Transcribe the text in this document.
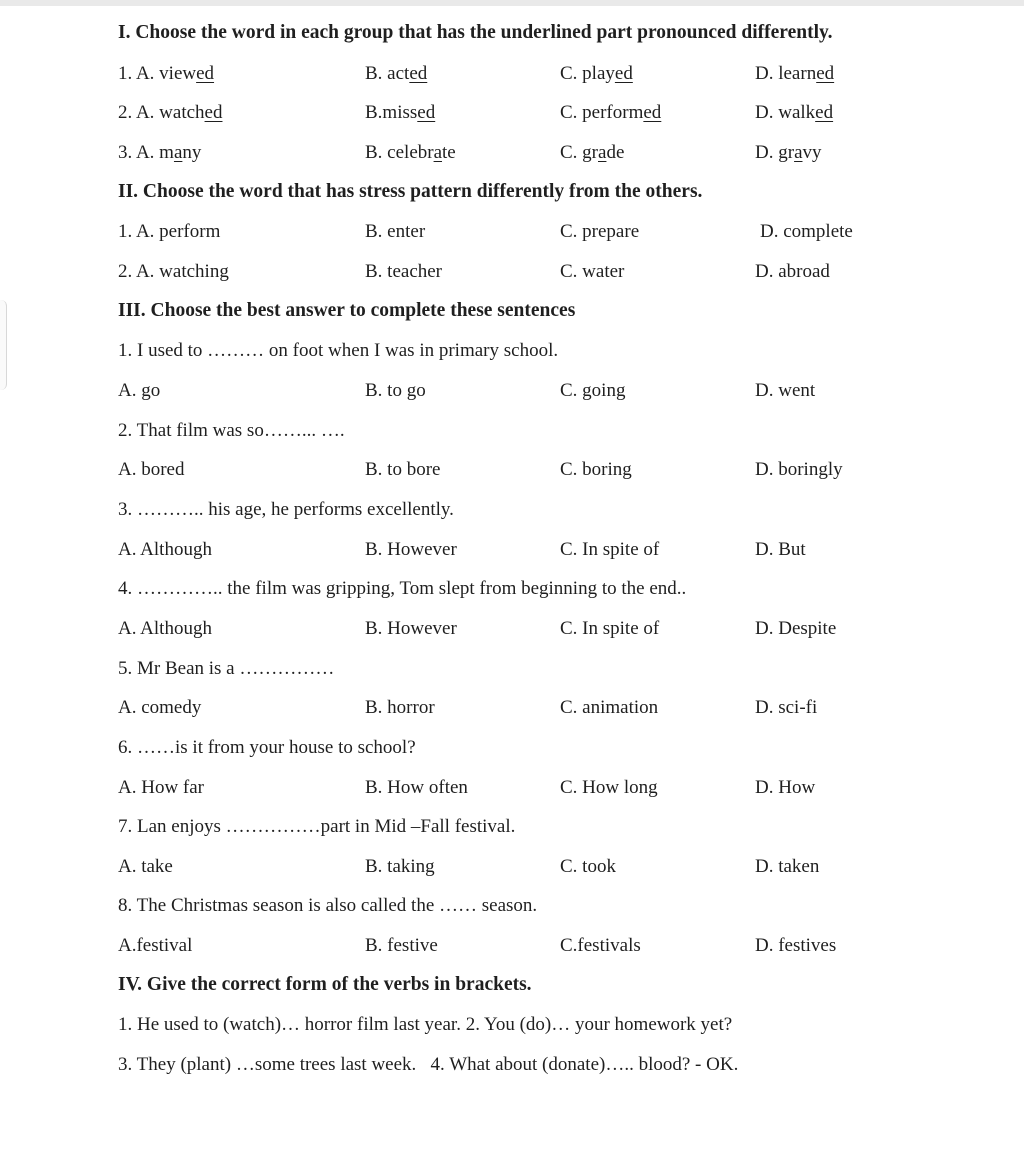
I. Choose the word in each group that has the underlined part pronounced differently.
1. A. viewed	B. acted	C. played	D. learned
2. A. watched	B.missed	C. performed	D. walked
3. A. many	B. celebrate	C. grade	D. gravy
II. Choose the word that has stress pattern differently from the others.
1. A. perform	B. enter	C. prepare	D. complete
2. A. watching	B. teacher	C. water	D. abroad
III. Choose the best answer to complete these sentences
1. I used to ……… on foot when I was in primary school.
A. go	B. to go	C. going	D. went
2. That film was so……... ….
A. bored	B. to bore	C. boring	D. boringly
3. ……….. his age, he performs excellently.
A. Although	B. However	C. In spite of	D. But
4. ………….. the film was gripping, Tom slept from beginning to the end..
A. Although	B. However	C. In spite of	D. Despite
5. Mr Bean is a ……………
A. comedy	B. horror	C. animation	D. sci-fi
6. ……is it from your house to school?
A. How far	B. How often	C. How long	D. How
7. Lan enjoys ……………part in Mid –Fall festival.
A. take	B. taking	C. took	D. taken
8. The Christmas season is also called the …… season.
A.festival	B. festive	C.festivals	D. festives
IV. Give the correct form of the verbs in brackets.
1. He used to (watch)… horror film last year. 2. You (do)… your homework yet?
3. They (plant) …some trees last week.   4. What about (donate)….. blood? - OK.
